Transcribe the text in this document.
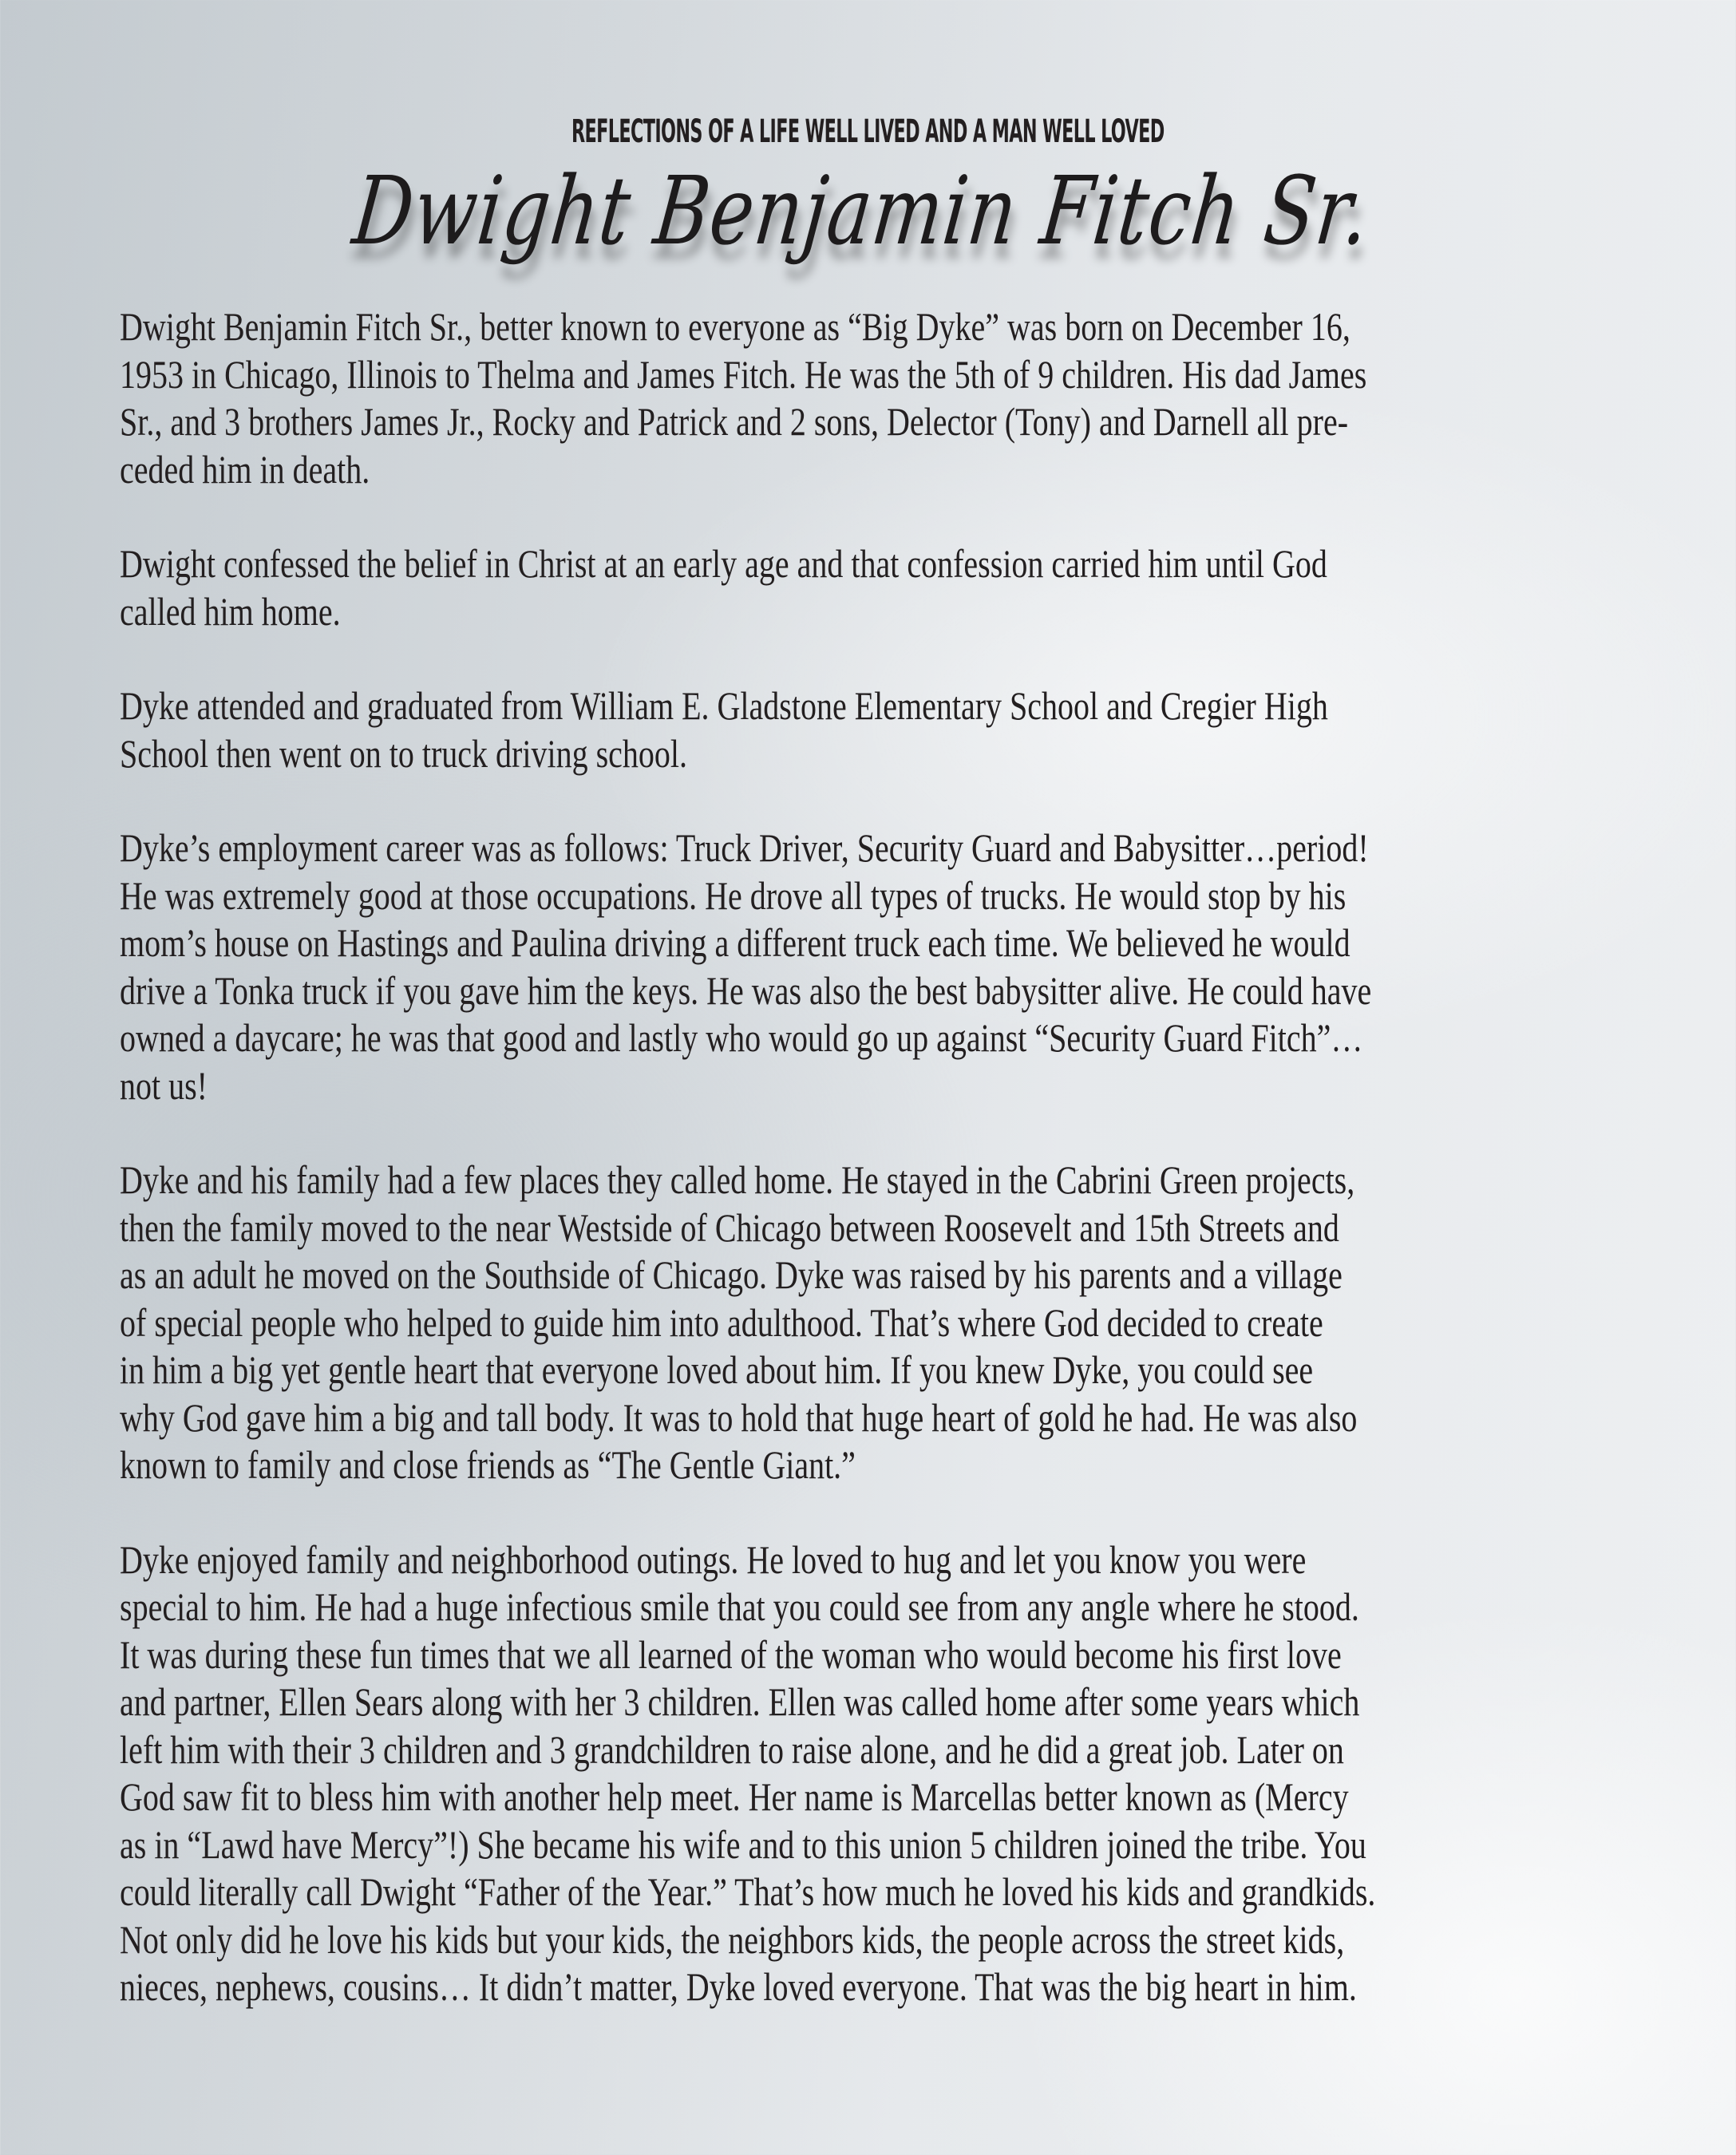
REFLECTIONS OF A LIFE WELL LIVED AND A MAN WELL LOVED
Dwight Benjamin Fitch Sr.
Dwight Benjamin Fitch Sr., better known to everyone as “Big Dyke” was born on December 16,
1953 in Chicago, Illinois to Thelma and James Fitch. He was the 5th of 9 children. His dad James
Sr., and 3 brothers James Jr., Rocky and Patrick and 2 sons, Delector (Tony) and Darnell all pre-
ceded him in death.
Dwight confessed the belief in Christ at an early age and that confession carried him until God
called him home.
Dyke attended and graduated from William E. Gladstone Elementary School and Cregier High
School then went on to truck driving school.
Dyke’s employment career was as follows: Truck Driver, Security Guard and Babysitter…period!
He was extremely good at those occupations. He drove all types of trucks. He would stop by his
mom’s house on Hastings and Paulina driving a different truck each time. We believed he would
drive a Tonka truck if you gave him the keys. He was also the best babysitter alive. He could have
owned a daycare; he was that good and lastly who would go up against “Security Guard Fitch”…
not us!
Dyke and his family had a few places they called home. He stayed in the Cabrini Green projects,
then the family moved to the near Westside of Chicago between Roosevelt and 15th Streets and
as an adult he moved on the Southside of Chicago. Dyke was raised by his parents and a village
of special people who helped to guide him into adulthood. That’s where God decided to create
in him a big yet gentle heart that everyone loved about him. If you knew Dyke, you could see
why God gave him a big and tall body. It was to hold that huge heart of gold he had. He was also
known to family and close friends as “The Gentle Giant.”
Dyke enjoyed family and neighborhood outings. He loved to hug and let you know you were
special to him. He had a huge infectious smile that you could see from any angle where he stood.
It was during these fun times that we all learned of the woman who would become his first love
and partner, Ellen Sears along with her 3 children. Ellen was called home after some years which
left him with their 3 children and 3 grandchildren to raise alone, and he did a great job. Later on
God saw fit to bless him with another help meet. Her name is Marcellas better known as (Mercy
as in “Lawd have Mercy”!) She became his wife and to this union 5 children joined the tribe. You
could literally call Dwight “Father of the Year.” That’s how much he loved his kids and grandkids.
Not only did he love his kids but your kids, the neighbors kids, the people across the street kids,
nieces, nephews, cousins… It didn’t matter, Dyke loved everyone. That was the big heart in him.
